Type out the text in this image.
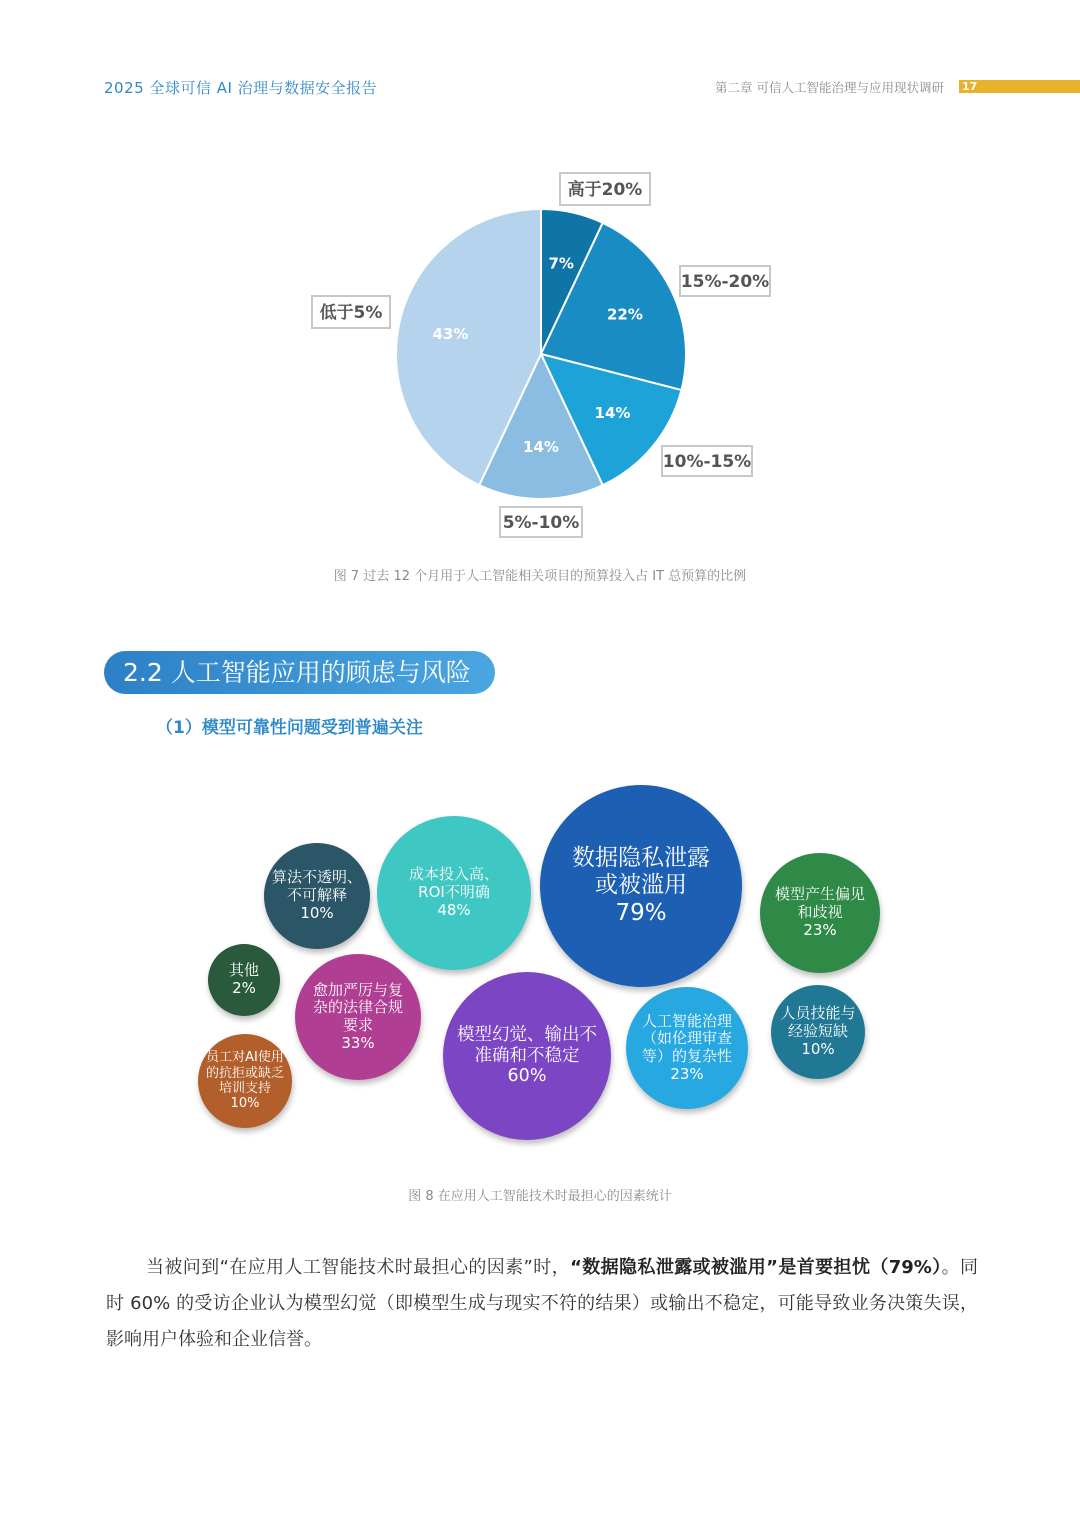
2025 全球可信 AI 治理与数据安全报告	第二章 可信人工智能治理与应用现状调研 17
7%
高于20%
22%
15%-20%
14%
10%-15%
14%
5%-10%
43%
低于5%
图 7 过去 12 个月用于人工智能相关项目的预算投入占 IT 总预算的比例
2.2 人工智能应用的顾虑与风险
（1）模型可靠性问题受到普遍关注
数据隐私泄露
或被滥用
79%
模型幻觉、输出不
准确和不稳定
60%
成本投入高、
ROI不明确
48%
愈加严厉与复
杂的法律合规
要求
33%
模型产生偏见
和歧视
23%
人工智能治理
（如伦理审查
等）的复杂性
23%
算法不透明、
不可解释
10%
人员技能与
经验短缺
10%
员工对AI使用
的抗拒或缺乏
培训支持
10%
其他
2%
图 8 在应用人工智能技术时最担心的因素统计

当被问到“在应用人工智能技术时最担心的因素”时，“数据隐私泄露或被滥用”是首要担忧（79%）。同时 60% 的受访企业认为模型幻觉（即模型生成与现实不符的结果）或输出不稳定，可能导致业务决策失误，影响用户体验和企业信誉。
